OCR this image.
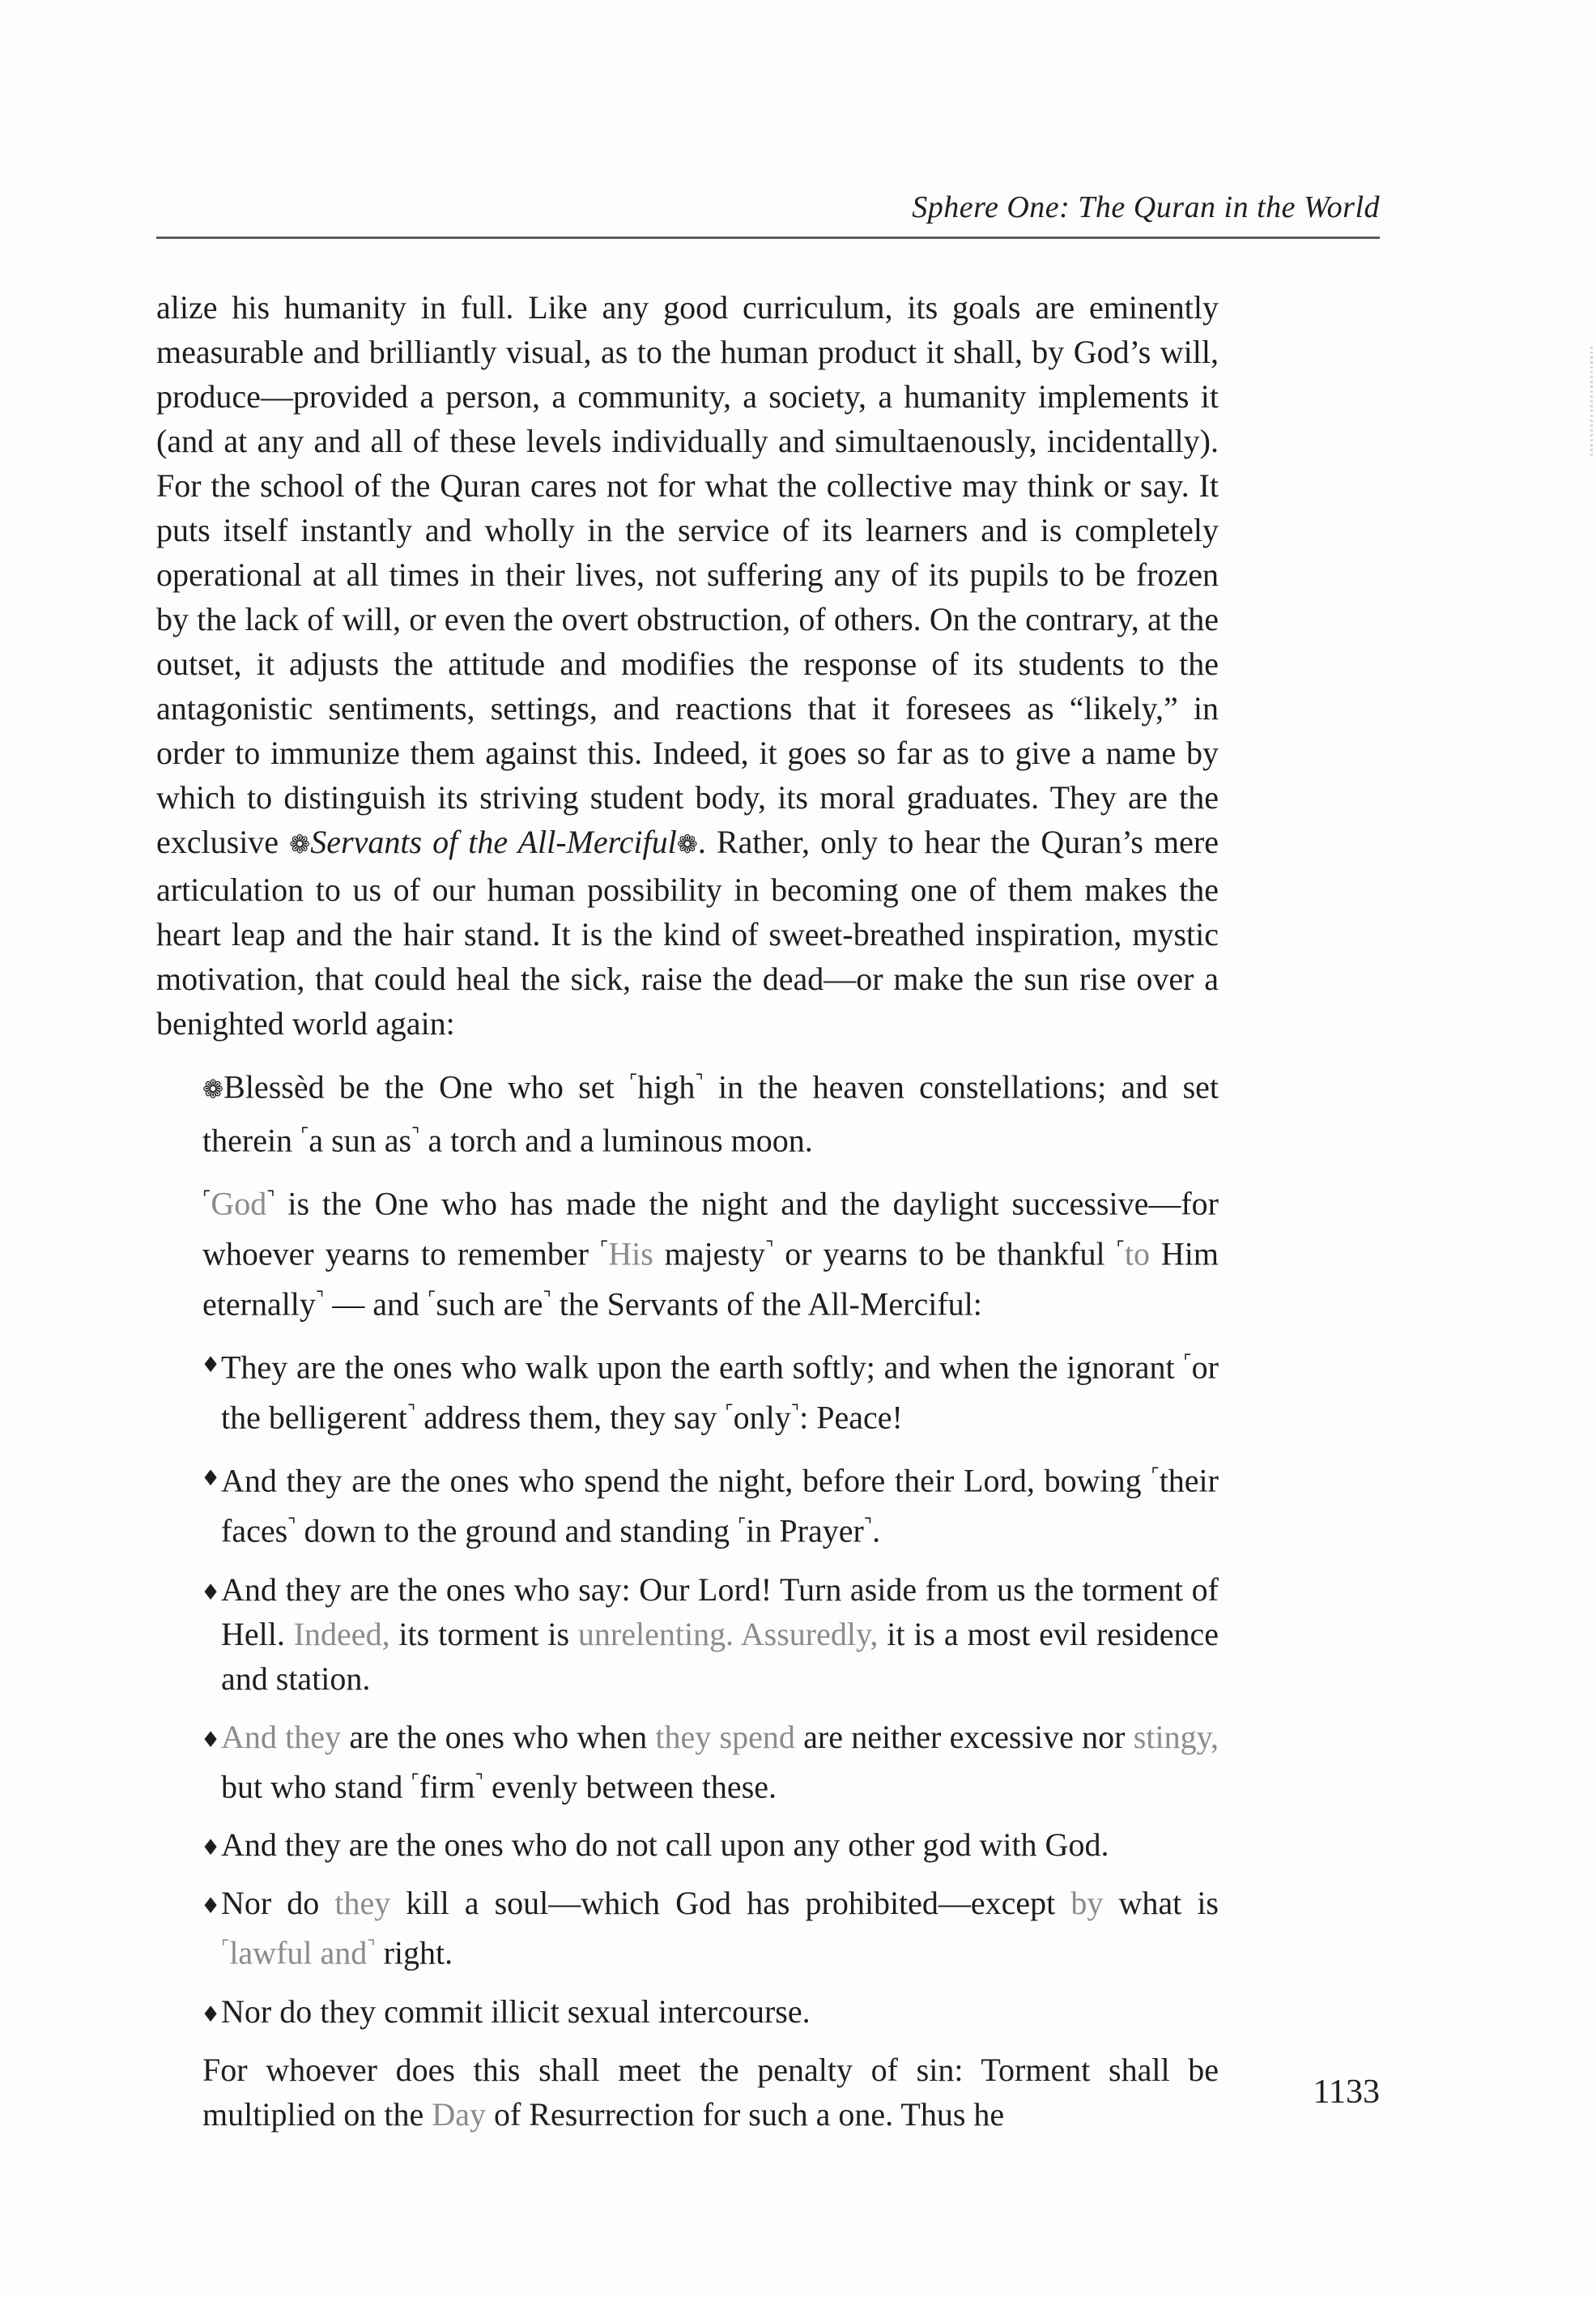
Sphere One: The Quran in the World
alize his humanity in full. Like any good curriculum, its goals are eminently measurable and brilliantly visual, as to the human product it shall, by God’s will, produce—provided a person, a community, a society, a humanity implements it (and at any and all of these levels individually and simultaenously, incidentally). For the school of the Quran cares not for what the collective may think or say. It puts itself instantly and wholly in the service of its learners and is completely operational at all times in their lives, not suffering any of its pupils to be frozen by the lack of will, or even the overt obstruction, of others. On the contrary, at the outset, it adjusts the attitude and modifies the response of its students to the antagonistic sentiments, settings, and reactions that it foresees as “likely,” in order to immunize them against this. Indeed, it goes so far as to give a name by which to distinguish its striving student body, its moral graduates. They are the exclusive ❁Servants of the All-Merciful❁. Rather, only to hear the Quran’s mere articulation to us of our human possibility in becoming one of them makes the heart leap and the hair stand. It is the kind of sweet-breathed inspiration, mystic motivation, that could heal the sick, raise the dead—or make the sun rise over a benighted world again:
❁Blessèd be the One who set ⌜high⌝ in the heaven constellations; and set therein ⌜a sun as⌝ a torch and a luminous moon.
⌜God⌝ is the One who has made the night and the daylight successive—for whoever yearns to remember ⌜His majesty⌝ or yearns to be thankful ⌜to Him eternally⌝ — and ⌜such are⌝ the Servants of the All-Merciful:
♦ They are the ones who walk upon the earth softly; and when the ignorant ⌜or the belligerent⌝ address them, they say ⌜only⌝: Peace!
♦ And they are the ones who spend the night, before their Lord, bowing ⌜their faces⌝ down to the ground and standing ⌜in Prayer⌝.
♦ And they are the ones who say: Our Lord! Turn aside from us the torment of Hell. Indeed, its torment is unrelenting. Assuredly, it is a most evil residence and station.
♦ And they are the ones who when they spend are neither excessive nor stingy, but who stand ⌜firm⌝ evenly between these.
♦ And they are the ones who do not call upon any other god with God.
♦ Nor do they kill a soul—which God has prohibited—except by what is ⌜lawful and⌝ right.
♦ Nor do they commit illicit sexual intercourse.
For whoever does this shall meet the penalty of sin: Torment shall be multiplied on the Day of Resurrection for such a one. Thus he
1133
